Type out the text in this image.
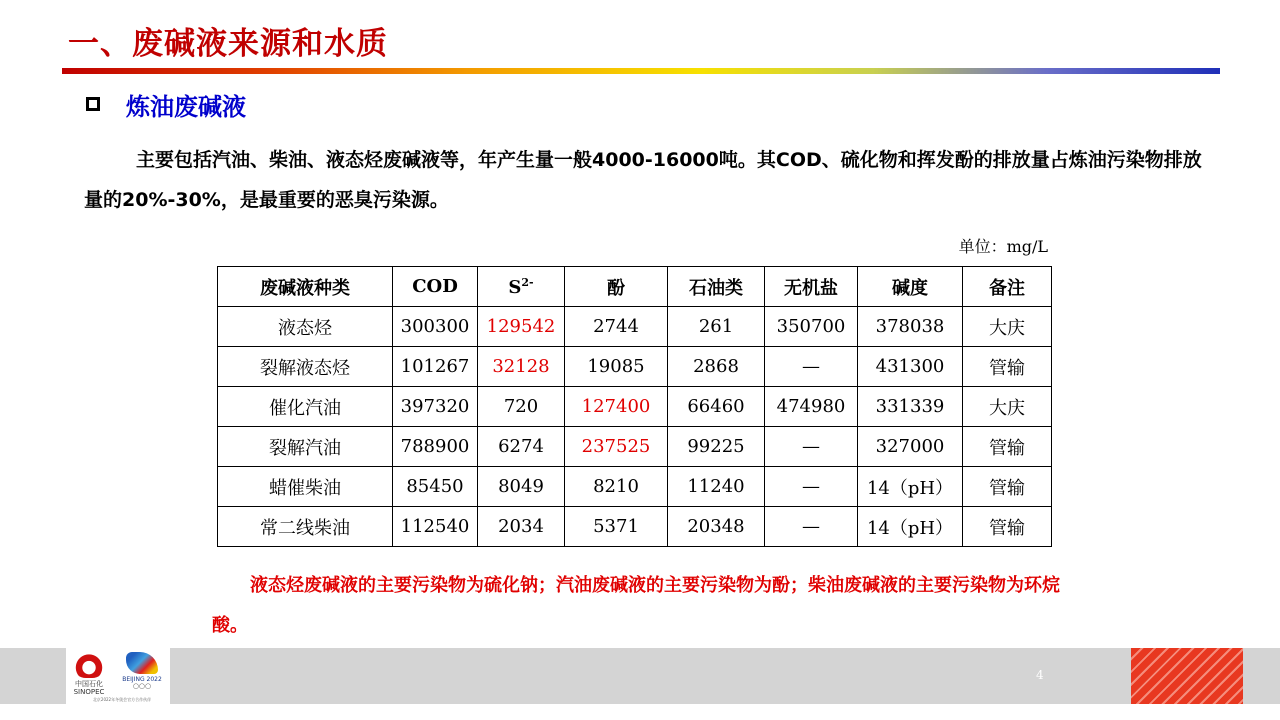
一、废碱液来源和水质
炼油废碱液

主要包括汽油、柴油、液态烃废碱液等，年产生量一般4000-16000吨。其COD、硫化物和挥发酚的排放量占炼油污染物排放量的20%-30%，是最重要的恶臭污染源。

单位：mg/L
废碱液种类	COD	$S^{2-}$	酚	石油类	无机盐	碱度	备注
液态烃	300300	129542	2744	261	350700	378038	大庆
裂解液态烃	101267	32128	19085	2868	—	431300	管输
催化汽油	397320	720	127400	66460	474980	331339	大庆
裂解汽油	788900	6274	237525	99225	—	327000	管输
蜡催柴油	85450	8049	8210	11240	—	14（pH）	管输
常二线柴油	112540	2034	5371	20348	—	14（pH）	管输

液态烃废碱液的主要污染物为硫化钠；汽油废碱液的主要污染物为酚；柴油废碱液的主要污染物为环烷酸。

中国石化
SINOPEC
BEIJING 2022
○○○
北京2022年冬奥会官方合作伙伴
4
